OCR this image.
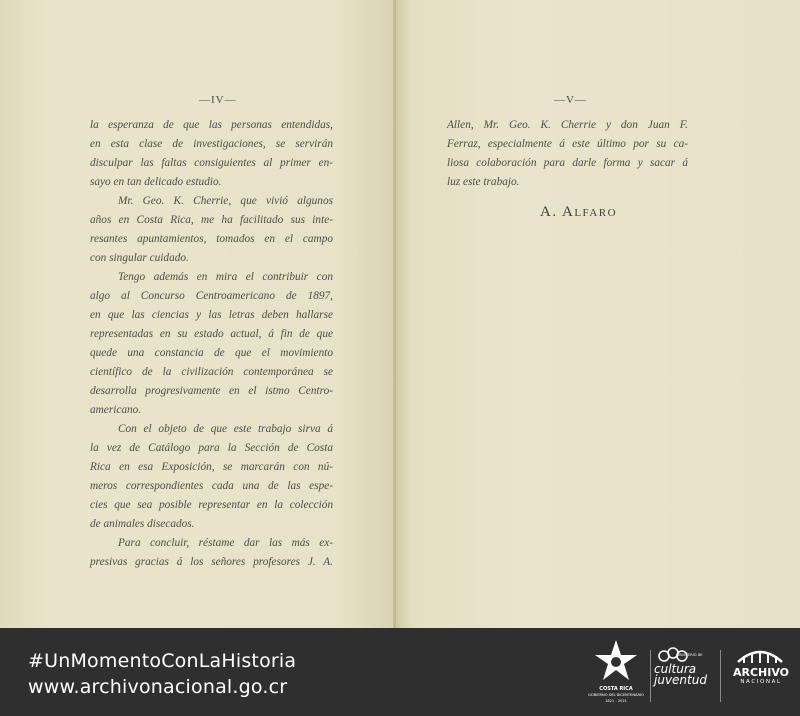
—IV—
la esperanza de que las personas entendidas,
en esta clase de investigaciones, se servirán
disculpar las faltas consiguientes al primer en-
sayo en tan delicado estudio.
Mr. Geo. K. Cherrie, que vivió algunos
años en Costa Rica, me ha facilitado sus inte-
resantes apuntamientos, tomados en el campo
con singular cuidado.
Tengo además en mira el contribuir con
algo al Concurso Centroamericano de 1897,
en que las ciencias y las letras deben hallarse
representadas en su estado actual, á fin de que
quede una constancia de que el movimiento
científico de la civilización contemporánea se
desarrolla progresivamente en el istmo Centro-
americano.
Con el objeto de que este trabajo sirva á
la vez de Catálogo para la Sección de Costa
Rica en esa Exposición, se marcarán con nú-
meros correspondientes cada una de las espe-
cies que sea posible representar en la colección
de animales disecados.
Para concluir, réstame dar las más ex-
presivas gracias á los señores profesores J. A.
—V—
Allen, Mr. Geo. K. Cherrie y don Juan F.
Ferraz, especialmente á este último por su ca-
liosa colaboración para darle forma y sacar á
luz este trabajo.
A. Alfaro
#UnMomentoConLaHistoria
www.archivonacional.go.cr	COSTA RICA
GOBIERNO DEL BICENTENARIO
1821 - 2021
MINISTERIO DE
cultura
juventud
ARCHIVO
NACIONAL
